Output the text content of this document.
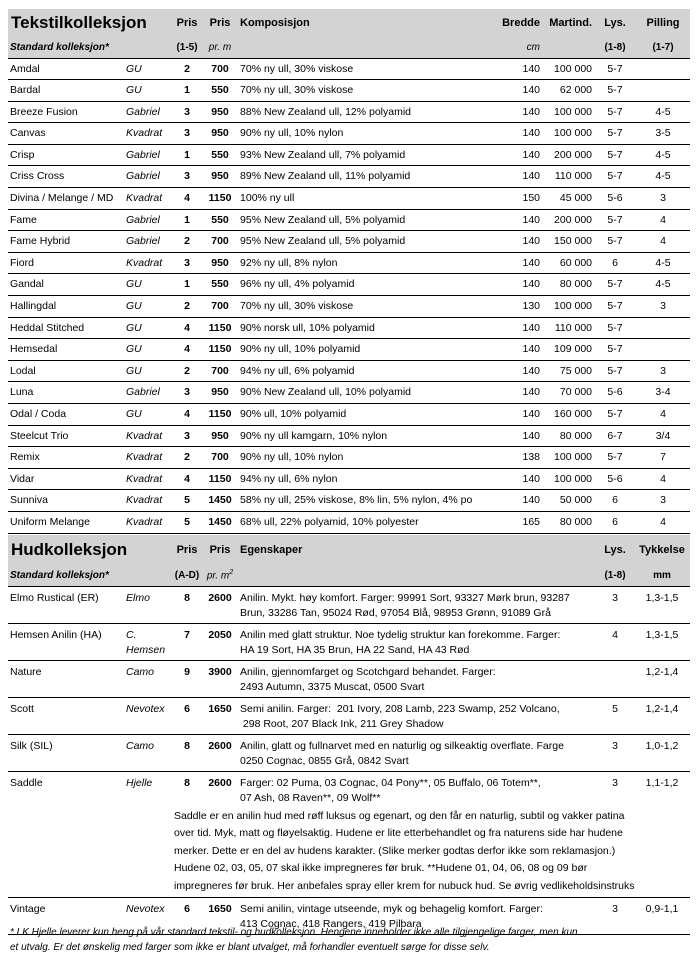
Tekstilkolleksjon		Pris	Pris	Komposisjon	Bredde	Martind.	Lys.	Pilling
Standard kolleksjon*		(1-5)	pr. m		cm		(1-8)	(1-7)
Amdal	GU	2	700	70% ny ull, 30% viskose	140	100 000	5-7	
Bardal	GU	1	550	70% ny ull, 30% viskose	140	62 000	5-7	
Breeze Fusion	Gabriel	3	950	88% New Zealand ull, 12% polyamid	140	100 000	5-7	4-5
Canvas	Kvadrat	3	950	90% ny ull, 10% nylon	140	100 000	5-7	3-5
Crisp	Gabriel	1	550	93% New Zealand ull, 7% polyamid	140	200 000	5-7	4-5
Criss Cross	Gabriel	3	950	89% New Zealand ull, 11% polyamid	140	110 000	5-7	4-5
Divina / Melange / MD	Kvadrat	4	1150	100% ny ull	150	45 000	5-6	3
Fame	Gabriel	1	550	95% New Zealand ull, 5% polyamid	140	200 000	5-7	4
Fame Hybrid	Gabriel	2	700	95% New Zealand ull, 5% polyamid	140	150 000	5-7	4
Fiord	Kvadrat	3	950	92% ny ull, 8% nylon	140	60 000	6	4-5
Gandal	GU	1	550	96% ny ull, 4% polyamid	140	80 000	5-7	4-5
Hallingdal	GU	2	700	70% ny ull, 30% viskose	130	100 000	5-7	3
Heddal Stitched	GU	4	1150	90% norsk ull, 10% polyamid	140	110 000	5-7	
Hemsedal	GU	4	1150	90% ny ull, 10% polyamid	140	109 000	5-7	
Lodal	GU	2	700	94% ny ull, 6% polyamid	140	75 000	5-7	3
Luna	Gabriel	3	950	90% New Zealand ull, 10% polyamid	140	70 000	5-6	3-4
Odal / Coda	GU	4	1150	90% ull, 10% polyamid	140	160 000	5-7	4
Steelcut Trio	Kvadrat	3	950	90% ny ull kamgarn, 10% nylon	140	80 000	6-7	3/4
Remix	Kvadrat	2	700	90% ny ull, 10% nylon	138	100 000	5-7	7
Vidar	Kvadrat	4	1150	94% ny ull, 6% nylon	140	100 000	5-6	4
Sunniva	Kvadrat	5	1450	58% ny ull, 25% viskose, 8% lin, 5% nylon, 4% po	140	50 000	6	3
Uniform Melange	Kvadrat	5	1450	68% ull, 22% polyamid, 10% polyester	165	80 000	6	4
Hudkolleksjon		Pris	Pris	Egenskaper	Lys.	Tykkelse
Standard kolleksjon*		(A-D)	pr. $m^2$		(1-8)	mm
Elmo Rustical (ER)	Elmo	8	2600	Anilin. Mykt. høy komfort. Farger: 99991 Sort, 93327 Mørk brun, 93287
Brun, 33286 Tan, 95024 Rød, 97054 Blå, 98953 Grønn, 91089 Grå	3	1,3-1,5
Hemsen Anilin (HA)	C. Hemsen	7	2050	Anilin med glatt struktur. Noe tydelig struktur kan forekomme. Farger:
HA 19 Sort, HA 35 Brun, HA 22 Sand, HA 43 Rød	4	1,3-1,5
Nature	Camo	9	3900	Anilin, gjennomfarget og Scotchgard behandet. Farger:
2493 Autumn, 3375 Muscat, 0500 Svart		1,2-1,4
Scott	Nevotex	6	1650	Semi anilin. Farger:  201 Ivory, 208 Lamb, 223 Swamp, 252 Volcano,
298 Root, 207 Black Ink, 211 Grey Shadow	5	1,2-1,4
Silk (SIL)	Camo	8	2600	Anilin, glatt og fullnarvet med en naturlig og silkeaktig overflate. Farge
0250 Cognac, 0855 Grå, 0842 Svart	3	1,0-1,2
Saddle	Hjelle	8	2600	Farger: 02 Puma, 03 Cognac, 04 Pony**, 05 Buffalo, 06 Totem**,
07 Ash, 08 Raven**, 09 Wolf**	3	1,1-1,2

		Saddle er en anilin hud med røff luksus og egenart, og den får en naturlig, subtil og vakker patina
over tid. Myk, matt og fløyelsaktig. Hudene er lite etterbehandlet og fra naturens side har hudene
merker. Dette er en del av hudens karakter. (Slike merker godtas derfor ikke som reklamasjon.)
Hudene 02, 03, 05, 07 skal ikke impregneres før bruk. **Hudene 01, 04, 06, 08 og 09 bør
impregneres før bruk. Her anbefales spray eller krem for nubuck hud. Se øvrig vedlikeholdsinstruks				

Vintage	Nevotex	6	1650	Semi anilin, vintage utseende, myk og behagelig komfort. Farger:
413 Cognac, 418 Rangers, 419 Pilbara	3	0,9-1,1
* LK Hjelle leverer kun heng på vår standard tekstil- og hudkolleksjon. Hengene inneholder ikke alle tilgjengelige farger, men kun
et utvalg. Er det ønskelig med farger som ikke er blant utvalget, må forhandler eventuelt sørge for disse selv.
